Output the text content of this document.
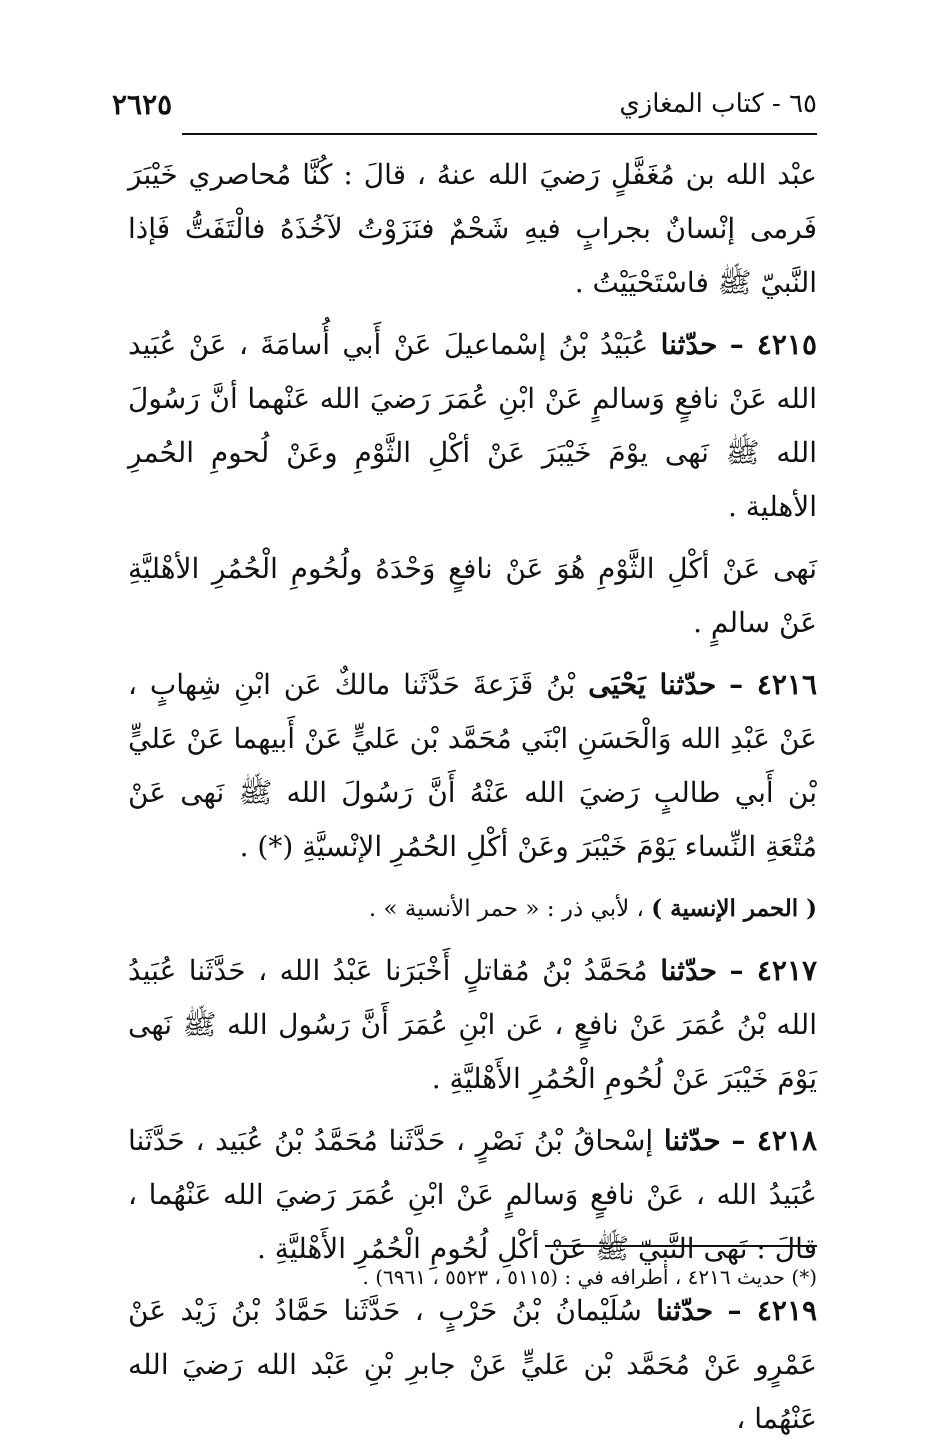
٦٥ - كتاب المغازي
٢٦٢٥

عبْد الله بن مُغَفَّلٍ رَضيَ الله عنهُ ، قالَ : كُنَّا مُحاصري خَيْبَرَ فَرمى إنْسانٌ بجرابٍ فيهِ شَحْمٌ فنَزَوْتُ لآخُذَهُ فالْتَفَتُّ فَإذا النَّبيّ ﷺ فاسْتَحْيَيْتُ .

٤٢١٥ – حدّثنا عُبَيْدُ بْنُ إسْماعيلَ عَنْ أَبي أُسامَةَ ، عَنْ عُبَيد الله عَنْ نافعٍ وَسالمٍ عَنْ ابْنِ عُمَرَ رَضيَ الله عَنْهما أنَّ رَسُولَ الله ﷺ نَهى يوْمَ خَيْبَرَ عَنْ أكْلِ الثَّوْمِ وعَنْ لُحومِ الحُمرِ الأهلية .

نَهى عَنْ أكْلِ الثَّوْمِ هُوَ عَنْ نافعٍ وَحْدَهُ ولُحُومِ الْحُمُرِ الأهْليَّةِ عَنْ سالمٍ .

٤٢١٦ – حدّثنا يَحْيَى بْنُ قَزَعةَ حَدَّثَنا مالكٌ عَن ابْنِ شِهابٍ ، عَنْ عَبْدِ الله وَالْحَسَنِ ابْنَي مُحَمَّد بْن عَليٍّ عَنْ أَبيهما عَنْ عَليٍّ بْن أَبي طالبٍ رَضيَ الله عَنْهُ أَنَّ رَسُولَ الله ﷺ نَهى عَنْ مُتْعَةِ النِّساء يَوْمَ خَيْبَرَ وعَنْ أكْلِ الحُمُرِ الإنْسيَّةِ (*) .

( الحمر الإنسية ) ، لأبي ذر : « حمر الأنسية » .

٤٢١٧ – حدّثنا مُحَمَّدُ بْنُ مُقاتلٍ أَخْبَرَنا عَبْدُ الله ، حَدَّثَنا عُبَيدُ الله بْنُ عُمَرَ عَنْ نافعٍ ، عَن ابْنِ عُمَرَ أَنَّ رَسُول الله ﷺ نَهى يَوْمَ خَيْبَرَ عَنْ لُحُومِ الْحُمُرِ الأَهْليَّةِ .

٤٢١٨ – حدّثنا إسْحاقُ بْنُ نَصْرٍ ، حَدَّثَنا مُحَمَّدُ بْنُ عُبَيد ، حَدَّثَنا عُبَيدُ الله ، عَنْ نافعٍ وَسالمٍ عَنْ ابْنِ عُمَرَ رَضيَ الله عَنْهُما ، قالَ : نَهى النَّبيّ ﷺ عَنْ أكْلِ لُحُومِ الْحُمُرِ الأَهْليَّةِ .

٤٢١٩ – حدّثنا سُلَيْمانُ بْنُ حَرْبٍ ، حَدَّثَنا حَمَّادُ بْنُ زَيْد عَنْ عَمْرٍو عَنْ مُحَمَّد بْن عَليٍّ عَنْ جابرِ بْنِ عَبْد الله رَضيَ الله عَنْهُما ،

(*) حديث ٤٢١٦ ، أطرافه في : (٥١١٥ ، ٥٥٢٣ ، ٦٩٦١) .
